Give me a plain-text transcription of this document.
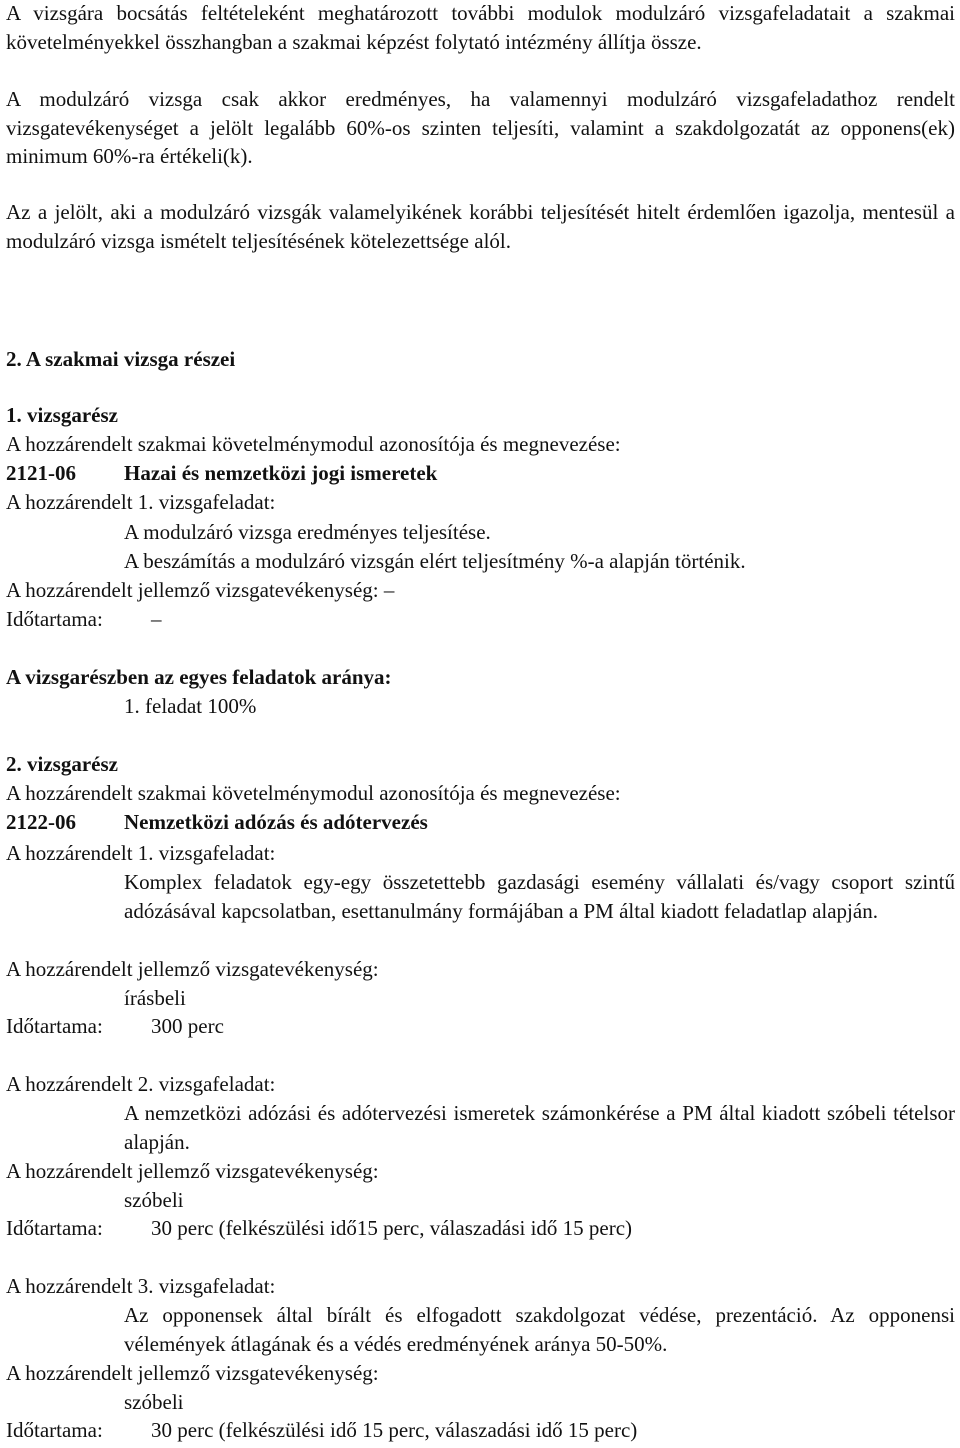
A vizsgára bocsátás feltételeként meghatározott további modulok modulzáró vizsgafeladatait a szakmai követelményekkel összhangban a szakmai képzést folytató intézmény állítja össze.
A modulzáró vizsga csak akkor eredményes, ha valamennyi modulzáró vizsgafeladathoz rendelt vizsgatevékenységet a jelölt legalább 60%-os szinten teljesíti, valamint a szakdolgozatát az opponens(ek) minimum 60%-ra értékeli(k).
Az a jelölt, aki a modulzáró vizsgák valamelyikének korábbi teljesítését hitelt érdemlően igazolja, mentesül a modulzáró vizsga ismételt teljesítésének kötelezettsége alól.
2. A szakmai vizsga részei
1. vizsgarész
A hozzárendelt szakmai követelménymodul azonosítója és megnevezése:
2121-06 Hazai és nemzetközi jogi ismeretek
A hozzárendelt 1. vizsgafeladat:
A modulzáró vizsga eredményes teljesítése.
A beszámítás a modulzáró vizsgán elért teljesítmény %-a alapján történik.
A hozzárendelt jellemző vizsgatevékenység: –
Időtartama: –
A vizsgarészben az egyes feladatok aránya:
1. feladat 100%
2. vizsgarész
A hozzárendelt szakmai követelménymodul azonosítója és megnevezése:
2122-06 Nemzetközi adózás és adótervezés
A hozzárendelt 1. vizsgafeladat:
Komplex feladatok egy-egy összetettebb gazdasági esemény vállalati és/vagy csoport szintű adózásával kapcsolatban, esettanulmány formájában a PM által kiadott feladatlap alapján.
A hozzárendelt jellemző vizsgatevékenység:
írásbeli
Időtartama: 300 perc
A hozzárendelt 2. vizsgafeladat:
A nemzetközi adózási és adótervezési ismeretek számonkérése a PM által kiadott szóbeli tételsor alapján.
A hozzárendelt jellemző vizsgatevékenység:
szóbeli
Időtartama: 30 perc (felkészülési idő15 perc, válaszadási idő 15 perc)
A hozzárendelt 3. vizsgafeladat:
Az opponensek által bírált és elfogadott szakdolgozat védése, prezentáció. Az opponensi vélemények átlagának és a védés eredményének aránya 50-50%.
A hozzárendelt jellemző vizsgatevékenység:
szóbeli
Időtartama: 30 perc (felkészülési idő 15 perc, válaszadási idő 15 perc)
